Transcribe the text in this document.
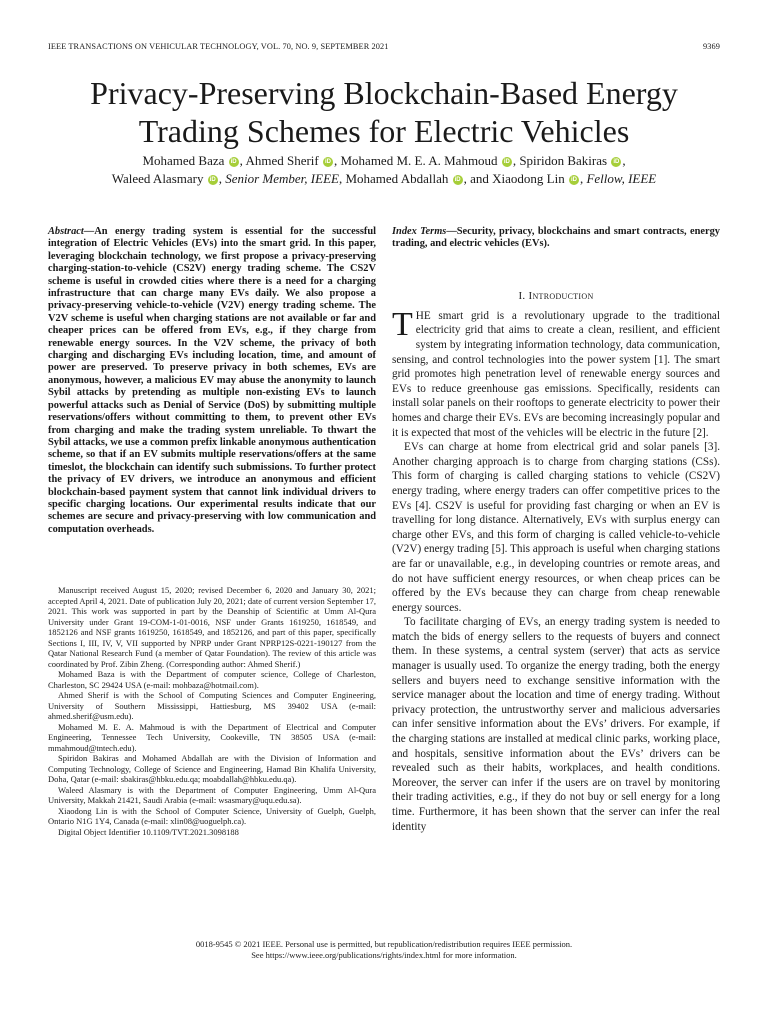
IEEE TRANSACTIONS ON VEHICULAR TECHNOLOGY, VOL. 70, NO. 9, SEPTEMBER 2021	9369
Privacy-Preserving Blockchain-Based Energy
Trading Schemes for Electric Vehicles
Mohamed Baza iD , Ahmed Sherif iD , Mohamed M. E. A. Mahmoud iD , Spiridon Bakiras iD ,
Waleed Alasmary iD , Senior Member, IEEE, Mohamed Abdallah iD , and Xiaodong Lin iD , Fellow, IEEE

Abstract—An energy trading system is essential for the successful integration of Electric Vehicles (EVs) into the smart grid. In this paper, leveraging blockchain technology, we first propose a privacy-preserving charging-station-to-vehicle (CS2V) energy trading scheme. The CS2V scheme is useful in crowded cities where there is a need for a charging infrastructure that can charge many EVs daily. We also propose a privacy-preserving vehicle-to-vehicle (V2V) energy trading scheme. The V2V scheme is useful when charging stations are not available or far and cheaper prices can be offered from EVs, e.g., if they charge from renewable energy sources. In the V2V scheme, the privacy of both charging and discharging EVs including location, time, and amount of power are preserved. To preserve privacy in both schemes, EVs are anonymous, however, a malicious EV may abuse the anonymity to launch Sybil attacks by pretending as multiple non-existing EVs to launch powerful attacks such as Denial of Service (DoS) by submitting multiple reservations/offers without committing to them, to prevent other EVs from charging and make the trading system unreliable. To thwart the Sybil attacks, we use a common prefix linkable anonymous authentication scheme, so that if an EV submits multiple reservations/offers at the same timeslot, the blockchain can identify such submissions. To further protect the privacy of EV drivers, we introduce an anonymous and efficient blockchain-based payment system that cannot link individual drivers to specific charging locations. Our experimental results indicate that our schemes are secure and privacy-preserving with low communication and computation overheads.

Manuscript received August 15, 2020; revised December 6, 2020 and January 30, 2021; accepted April 4, 2021. Date of publication July 20, 2021; date of current version September 17, 2021. This work was supported in part by the Deanship of Scientific at Umm Al-Qura University under Grant 19-COM-1-01-0016, NSF under Grants 1619250, 1618549, and 1852126 and NSF grants 1619250, 1618549, and 1852126, and part of this paper, specifically Sections I, III, IV, V, VII supported by NPRP under Grant NPRP12S-0221-190127 from the Qatar National Research Fund (a member of Qatar Foundation). The review of this article was coordinated by Prof. Zibin Zheng. (Corresponding author: Ahmed Sherif.)

Mohamed Baza is with the Department of computer science, College of Charleston, Charleston, SC 29424 USA (e-mail: mohbaza@hotmail.com).

Ahmed Sherif is with the School of Computing Sciences and Computer Engineering, University of Southern Mississippi, Hattiesburg, MS 39402 USA (e-mail: ahmed.sherif@usm.edu).

Mohamed M. E. A. Mahmoud is with the Department of Electrical and Computer Engineering, Tennessee Tech University, Cookeville, TN 38505 USA (e-mail: mmahmoud@tntech.edu).

Spiridon Bakiras and Mohamed Abdallah are with the Division of Information and Computing Technology, College of Science and Engineering, Hamad Bin Khalifa University, Doha, Qatar (e-mail: sbakiras@hbku.edu.qa; moabdallah@hbku.edu.qa).

Waleed Alasmary is with the Department of Computer Engineering, Umm Al-Qura University, Makkah 21421, Saudi Arabia (e-mail: wsasmary@uqu.edu.sa).

Xiaodong Lin is with the School of Computer Science, University of Guelph, Guelph, Ontario N1G 1Y4, Canada (e-mail: xlin08@uoguelph.ca).

Digital Object Identifier 10.1109/TVT.2021.3098188

Index Terms—Security, privacy, blockchains and smart contracts, energy trading, and electric vehicles (EVs).

I. Introduction

THE smart grid is a revolutionary upgrade to the traditional electricity grid that aims to create a clean, resilient, and efficient system by integrating information technology, data communication, sensing, and control technologies into the power system [1]. The smart grid promotes high penetration level of renewable energy sources and EVs to reduce greenhouse gas emissions. Specifically, residents can install solar panels on their rooftops to generate electricity to power their homes and charge their EVs. EVs are becoming increasingly popular and it is expected that most of the vehicles will be electric in the future [2].

EVs can charge at home from electrical grid and solar panels [3]. Another charging approach is to charge from charging stations (CSs). This form of charging is called charging stations to vehicle (CS2V) energy trading, where energy traders can offer competitive prices to the EVs [4]. CS2V is useful for providing fast charging or when an EV is travelling for long distance. Alternatively, EVs with surplus energy can charge other EVs, and this form of charging is called vehicle-to-vehicle (V2V) energy trading [5]. This approach is useful when charging stations are far or unavailable, e.g., in developing countries or remote areas, and do not have sufficient energy resources, or when cheap prices can be offered by the EVs because they can charge from cheap renewable energy sources.

To facilitate charging of EVs, an energy trading system is needed to match the bids of energy sellers to the requests of buyers and connect them. In these systems, a central system (server) that acts as service manager is usually used. To organize the energy trading, both the energy sellers and buyers need to exchange sensitive information with the service manager about the location and time of energy trading. Without privacy protection, the untrustworthy server and malicious adversaries can infer sensitive information about the EVs’ drivers. For example, if the charging stations are installed at medical clinic parks, working place, and hospitals, sensitive information about the EVs’ drivers can be revealed such as their habits, workplaces, and health conditions. Moreover, the server can infer if the users are on travel by monitoring their trading activities, e.g., if they do not buy or sell energy for a long time. Furthermore, it has been shown that the server can infer the real identity

0018-9545 © 2021 IEEE. Personal use is permitted, but republication/redistribution requires IEEE permission.
See https://www.ieee.org/publications/rights/index.html for more information.
